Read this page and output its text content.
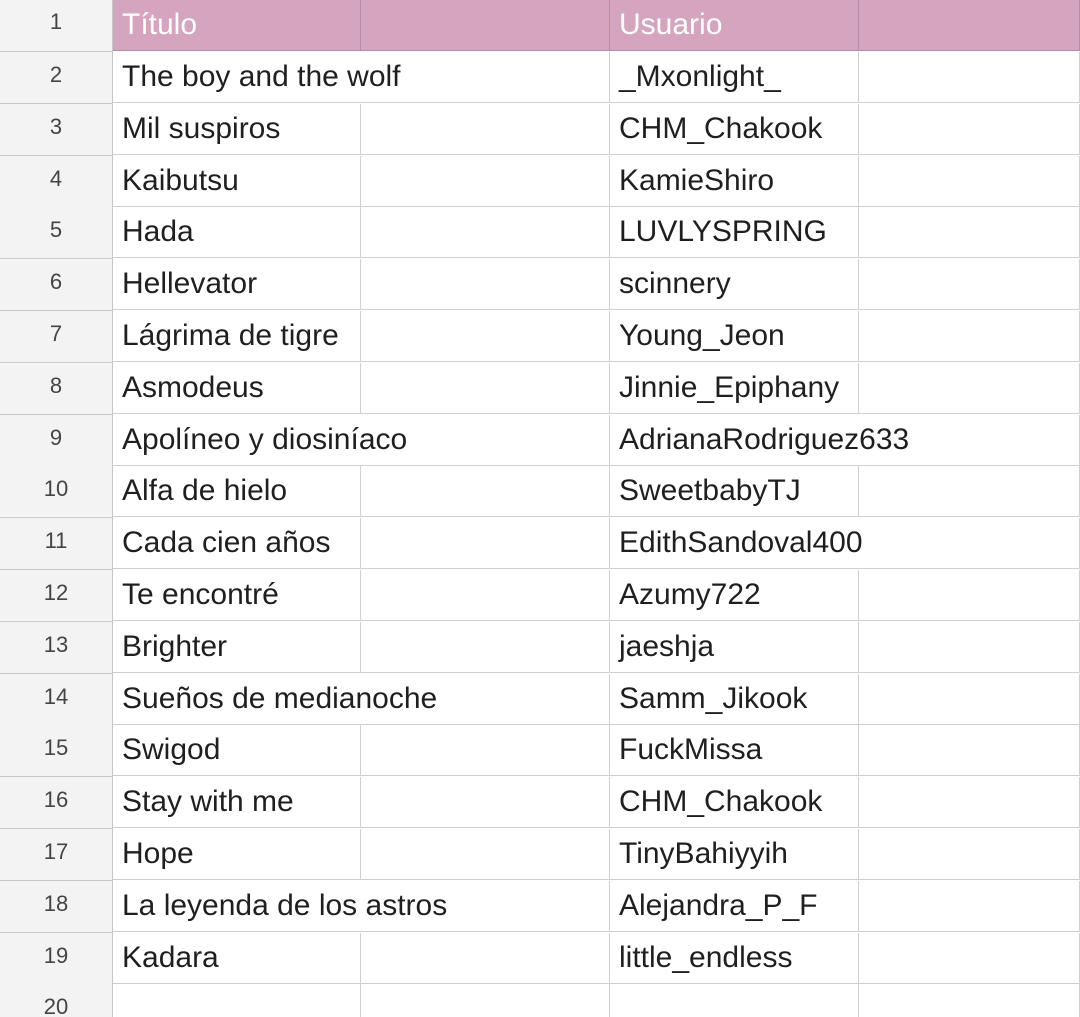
1	Título	Usuario
2	The boy and the wolf	_Mxonlight_
3	Mil suspiros	CHM_Chakook
4	Kaibutsu	KamieShiro
5	Hada	LUVLYSPRING
6	Hellevator	scinnery
7	Lágrima de tigre	Young_Jeon
8	Asmodeus	Jinnie_Epiphany
9	Apolíneo y diosiníaco	AdrianaRodriguez633
10	Alfa de hielo	SweetbabyTJ
11	Cada cien años	EdithSandoval400
12	Te encontré	Azumy722
13	Brighter	jaeshja
14	Sueños de medianoche	Samm_Jikook
15	Swigod	FuckMissa
16	Stay with me	CHM_Chakook
17	Hope	TinyBahiyyih
18	La leyenda de los astros	Alejandra_P_F
19	Kadara	little_endless
20
